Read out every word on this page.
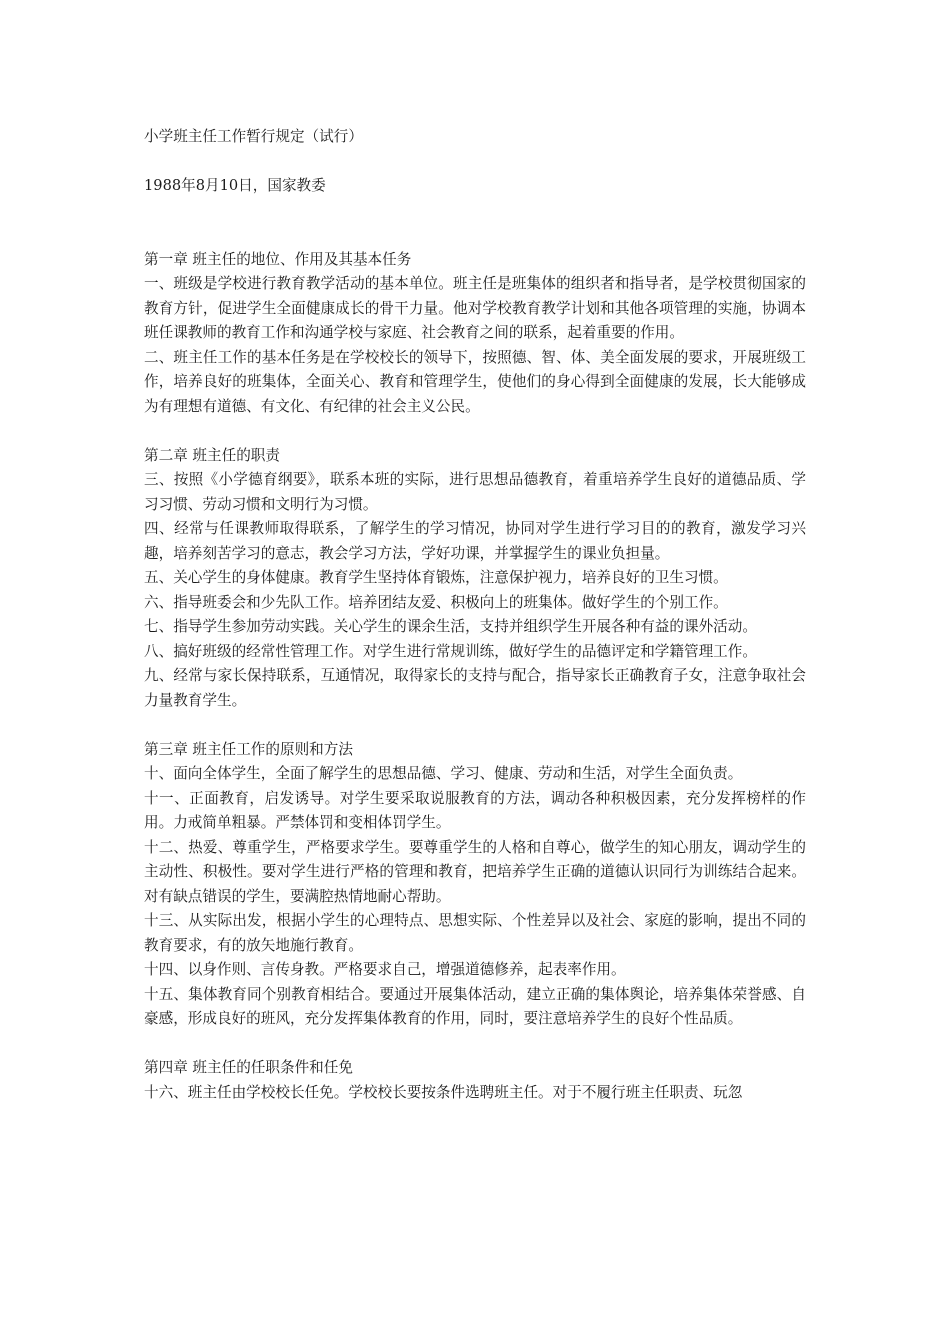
小学班主任工作暂行规定（试行）

1988年8月10日，国家教委

第一章 班主任的地位、作用及其基本任务

一、班级是学校进行教育教学活动的基本单位。班主任是班集体的组织者和指导者，是学校贯彻国家的教育方针，促进学生全面健康成长的骨干力量。他对学校教育教学计划和其他各项管理的实施，协调本班任课教师的教育工作和沟通学校与家庭、社会教育之间的联系，起着重要的作用。

二、班主任工作的基本任务是在学校校长的领导下，按照德、智、体、美全面发展的要求，开展班级工作，培养良好的班集体，全面关心、教育和管理学生，使他们的身心得到全面健康的发展，长大能够成为有理想有道德、有文化、有纪律的社会主义公民。

第二章 班主任的职责

三、按照《小学德育纲要》，联系本班的实际，进行思想品德教育，着重培养学生良好的道德品质、学习习惯、劳动习惯和文明行为习惯。

四、经常与任课教师取得联系，了解学生的学习情况，协同对学生进行学习目的的教育，激发学习兴趣，培养刻苦学习的意志，教会学习方法，学好功课，并掌握学生的课业负担量。

五、关心学生的身体健康。教育学生坚持体育锻炼，注意保护视力，培养良好的卫生习惯。

六、指导班委会和少先队工作。培养团结友爱、积极向上的班集体。做好学生的个别工作。

七、指导学生参加劳动实践。关心学生的课余生活，支持并组织学生开展各种有益的课外活动。

八、搞好班级的经常性管理工作。对学生进行常规训练，做好学生的品德评定和学籍管理工作。

九、经常与家长保持联系，互通情况，取得家长的支持与配合，指导家长正确教育子女，注意争取社会力量教育学生。

第三章 班主任工作的原则和方法

十、面向全体学生，全面了解学生的思想品德、学习、健康、劳动和生活，对学生全面负责。

十一、正面教育，启发诱导。对学生要采取说服教育的方法，调动各种积极因素，充分发挥榜样的作用。力戒简单粗暴。严禁体罚和变相体罚学生。

十二、热爱、尊重学生，严格要求学生。要尊重学生的人格和自尊心，做学生的知心朋友，调动学生的主动性、积极性。要对学生进行严格的管理和教育，把培养学生正确的道德认识同行为训练结合起来。对有缺点错误的学生，要满腔热情地耐心帮助。

十三、从实际出发，根据小学生的心理特点、思想实际、个性差异以及社会、家庭的影响，提出不同的教育要求，有的放矢地施行教育。

十四、以身作则、言传身教。严格要求自己，增强道德修养，起表率作用。

十五、集体教育同个别教育相结合。要通过开展集体活动，建立正确的集体舆论，培养集体荣誉感、自豪感，形成良好的班风，充分发挥集体教育的作用，同时，要注意培养学生的良好个性品质。

第四章 班主任的任职条件和任免

十六、班主任由学校校长任免。学校校长要按条件选聘班主任。对于不履行班主任职责、玩忽
